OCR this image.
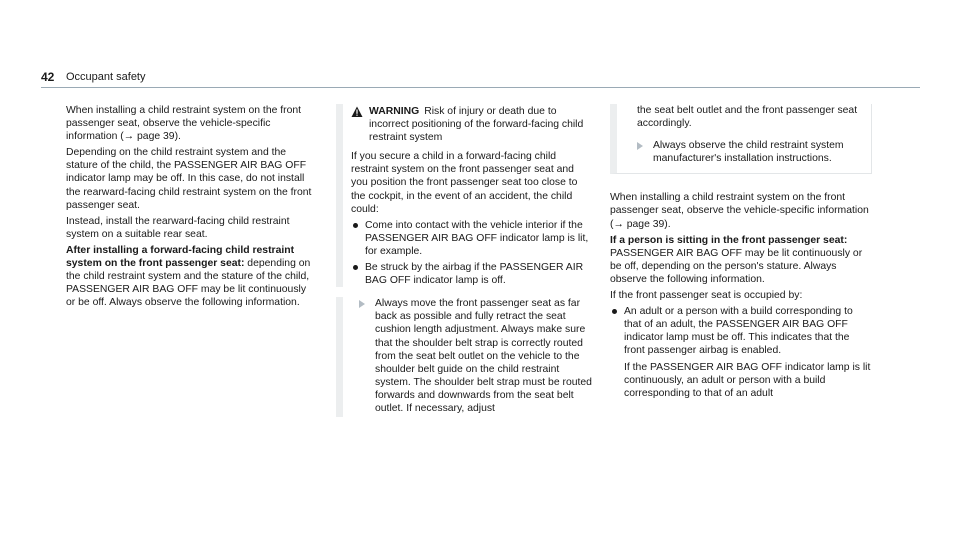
42 Occupant safety

When installing a child restraint system on the front passenger seat, observe the vehicle-specific information (→ page 39).

Depending on the child restraint system and the stature of the child, the PASSENGER AIR BAG OFF indicator lamp may be off. In this case, do not install the rearward-facing child restraint system on the front passenger seat.

Instead, install the rearward-facing child restraint system on a suitable rear seat.

After installing a forward-facing child restraint system on the front passenger seat: depending on the child restraint system and the stature of the child, PASSENGER AIR BAG OFF may be lit continuously or be off. Always observe the following information.

WARNING Risk of injury or death due to
incorrect positioning of the forward-facing child restraint system

If you secure a child in a forward-facing child restraint system on the front passenger seat and you position the front passenger seat too close to the cockpit, in the event of an accident, the child could:

Come into contact with the vehicle interior if the PASSENGER AIR BAG OFF indicator lamp is lit, for example.
Be struck by the airbag if the PASSENGER AIR BAG OFF indicator lamp is off.
Always move the front passenger seat as far back as possible and fully retract the seat cushion length adjustment. Always make sure that the shoulder belt strap is correctly routed from the seat belt outlet on the vehicle to the shoulder belt guide on the child restraint system. The shoulder belt strap must be routed forwards and downwards from the seat belt outlet. If necessary, adjust

the seat belt outlet and the front passenger seat accordingly.

Always observe the child restraint system manufacturer's installation instructions.

When installing a child restraint system on the front passenger seat, observe the vehicle-specific information (→ page 39).

If a person is sitting in the front passenger seat: PASSENGER AIR BAG OFF may be lit continuously or be off, depending on the person's stature. Always observe the following information.

If the front passenger seat is occupied by:

An adult or a person with a build corresponding to that of an adult, the PASSENGER AIR BAG OFF indicator lamp must be off. This indicates that the front passenger airbag is enabled.

If the PASSENGER AIR BAG OFF indicator lamp is lit continuously, an adult or person with a build corresponding to that of an adult
